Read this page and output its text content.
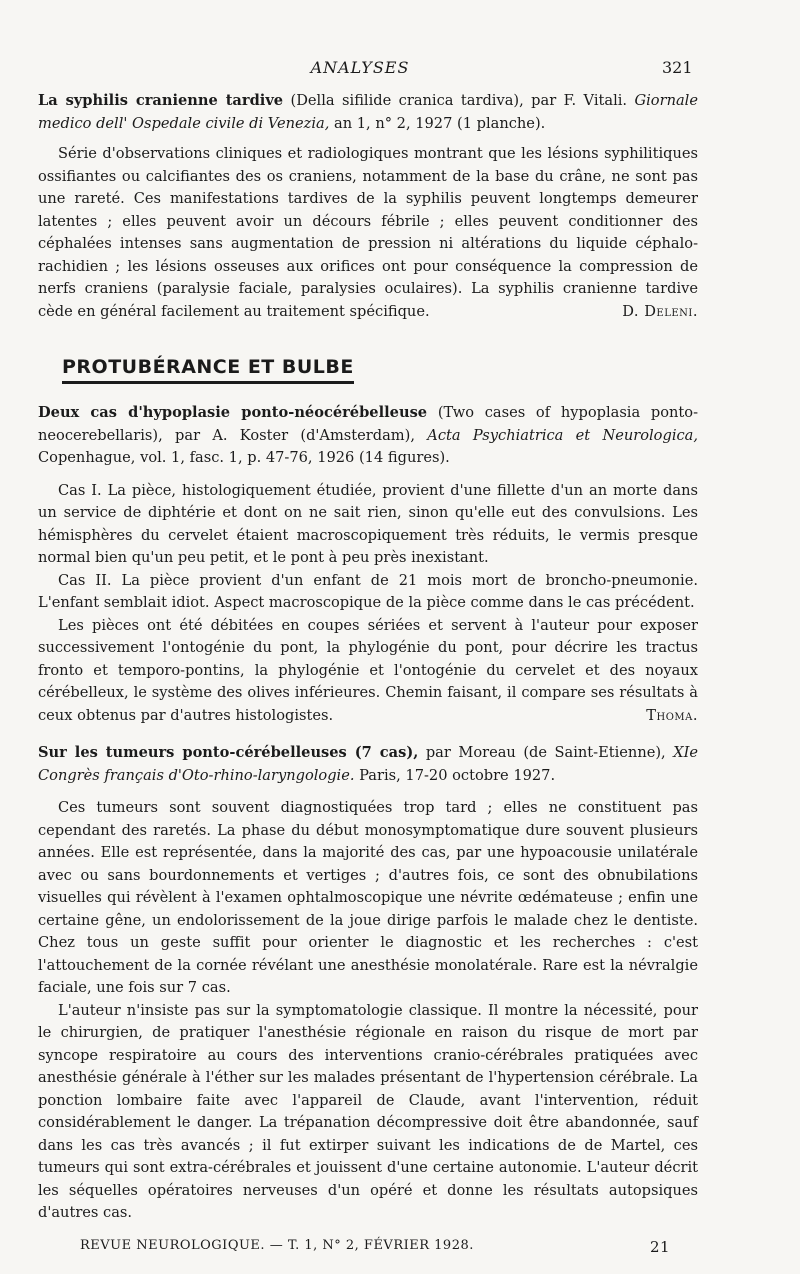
ANALYSES	321

La syphilis cranienne tardive (Della sifilide cranica tardiva), par F. Vitali. Giornale medico dell' Ospedale civile di Venezia, an 1, n° 2, 1927 (1 planche).

Série d'observations cliniques et radiologiques montrant que les lésions syphilitiques ossifiantes ou calcifiantes des os craniens, notamment de la base du crâne, ne sont pas une rareté. Ces manifestations tardives de la syphilis peuvent longtemps demeurer latentes ; elles peuvent avoir un décours fébrile ; elles peuvent conditionner des céphalées intenses sans augmentation de pression ni altérations du liquide céphalo-rachidien ; les lésions osseuses aux orifices ont pour conséquence la compression de nerfs craniens (paralysie faciale, paralysies oculaires). La syphilis cranienne tardive cède en général facilement au traitement spécifique.	D. Deleni.

PROTUBÉRANCE ET BULBE

Deux cas d'hypoplasie ponto-néocérébelleuse (Two cases of hypoplasia ponto-neocerebellaris), par A. Koster (d'Amsterdam), Acta Psychiatrica et Neurologica, Copenhague, vol. 1, fasc. 1, p. 47-76, 1926 (14 figures).

Cas I. La pièce, histologiquement étudiée, provient d'une fillette d'un an morte dans un service de diphtérie et dont on ne sait rien, sinon qu'elle eut des convulsions. Les hémisphères du cervelet étaient macroscopiquement très réduits, le vermis presque normal bien qu'un peu petit, et le pont à peu près inexistant.

Cas II. La pièce provient d'un enfant de 21 mois mort de broncho-pneumonie. L'enfant semblait idiot. Aspect macroscopique de la pièce comme dans le cas précédent.

Les pièces ont été débitées en coupes sériées et servent à l'auteur pour exposer successivement l'ontogénie du pont, la phylogénie du pont, pour décrire les tractus fronto et temporo-pontins, la phylogénie et l'ontogénie du cervelet et des noyaux cérébelleux, le système des olives inférieures. Chemin faisant, il compare ses résultats à ceux obtenus par d'autres histologistes.	Thoma.

Sur les tumeurs ponto-cérébelleuses (7 cas), par Moreau (de Saint-Etienne), XIe Congrès français d'Oto-rhino-laryngologie. Paris, 17-20 octobre 1927.

Ces tumeurs sont souvent diagnostiquées trop tard ; elles ne constituent pas cependant des raretés. La phase du début monosymptomatique dure souvent plusieurs années. Elle est représentée, dans la majorité des cas, par une hypoacousie unilatérale avec ou sans bourdonnements et vertiges ; d'autres fois, ce sont des obnubilations visuelles qui révèlent à l'examen ophtalmoscopique une névrite œdémateuse ; enfin une certaine gêne, un endolorissement de la joue dirige parfois le malade chez le dentiste. Chez tous un geste suffit pour orienter le diagnostic et les recherches : c'est l'attouchement de la cornée révélant une anesthésie monolatérale. Rare est la névralgie faciale, une fois sur 7 cas.

L'auteur n'insiste pas sur la symptomatologie classique. Il montre la nécessité, pour le chirurgien, de pratiquer l'anesthésie régionale en raison du risque de mort par syncope respiratoire au cours des interventions cranio-cérébrales pratiquées avec anesthésie générale à l'éther sur les malades présentant de l'hypertension cérébrale. La ponction lombaire faite avec l'appareil de Claude, avant l'intervention, réduit considérablement le danger. La trépanation décompressive doit être abandonnée, sauf dans les cas très avancés ; il fut extirper suivant les indications de de Martel, ces tumeurs qui sont extra-cérébrales et jouissent d'une certaine autonomie. L'auteur décrit les séquelles opératoires nerveuses d'un opéré et donne les résultats autopsiques d'autres cas.

REVUE NEUROLOGIQUE. — T. 1, N° 2, FÉVRIER 1928.	21
